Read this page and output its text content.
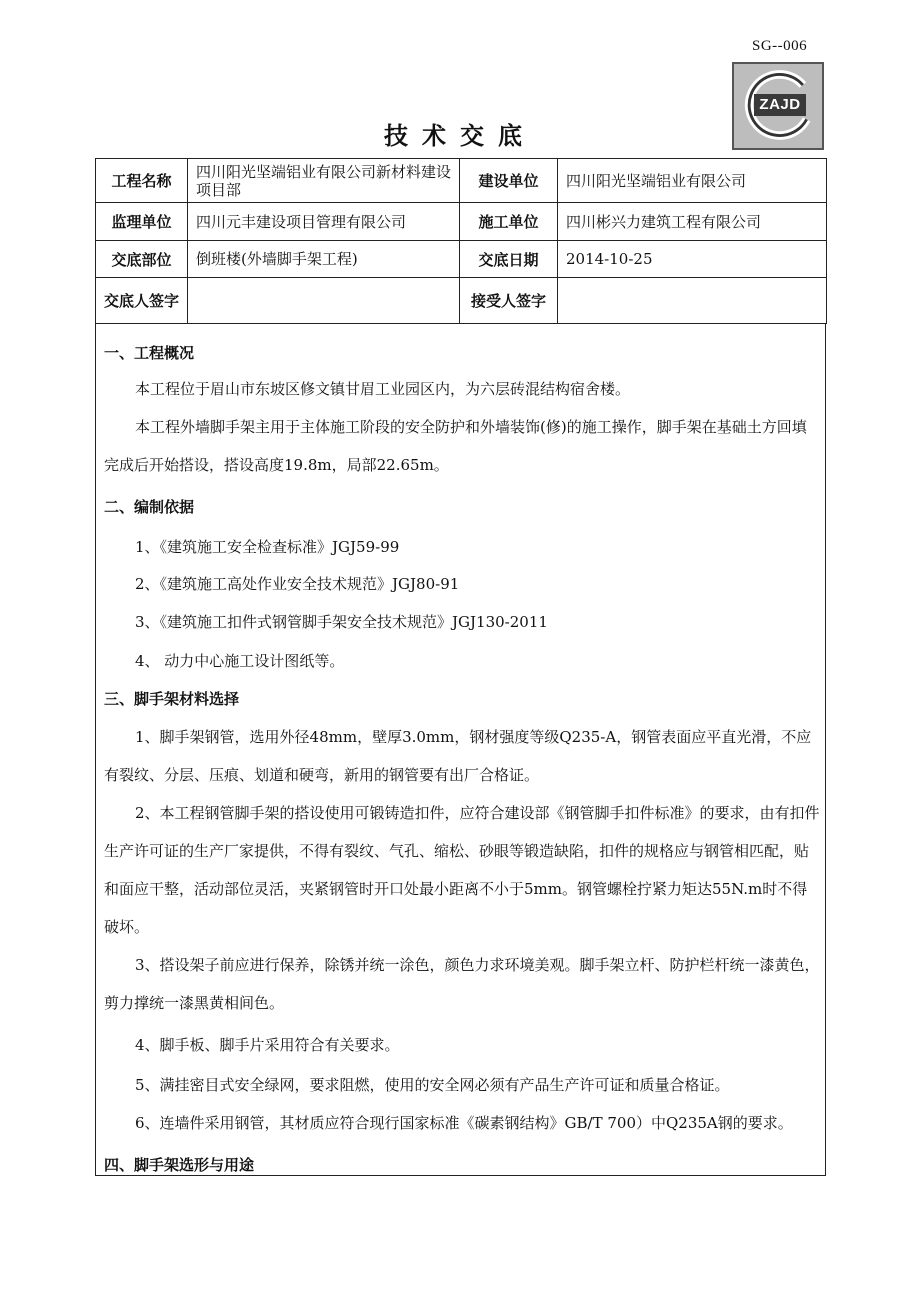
SG--006
ZAJD
技术交底
工程名称	四川阳光坚端铝业有限公司新材料建设项目部	建设单位	四川阳光坚端铝业有限公司
监理单位	四川元丰建设项目管理有限公司	施工单位	四川彬兴力建筑工程有限公司
交底部位	倒班楼(外墙脚手架工程)	交底日期	2014-10-25
交底人签字		接受人签字	
一、工程概况
本工程位于眉山市东坡区修文镇甘眉工业园区内，为六层砖混结构宿舍楼。
本工程外墙脚手架主用于主体施工阶段的安全防护和外墙装饰(修)的施工操作，脚手架在基础土方回填完成后开始搭设，搭设高度19.8m，局部22.65m。
二、编制依据
1、《建筑施工安全检查标准》JGJ59-99
2、《建筑施工高处作业安全技术规范》JGJ80-91
3、《建筑施工扣件式钢管脚手架安全技术规范》JGJ130-2011
4、 动力中心施工设计图纸等。
三、脚手架材料选择
1、脚手架钢管，选用外径48mm，壁厚3.0mm，钢材强度等级Q235-A，钢管表面应平直光滑，不应有裂纹、分层、压痕、划道和硬弯，新用的钢管要有出厂合格证。
2、本工程钢管脚手架的搭设使用可锻铸造扣件，应符合建设部《钢管脚手扣件标准》的要求，由有扣件生产许可证的生产厂家提供，不得有裂纹、气孔、缩松、砂眼等锻造缺陷，扣件的规格应与钢管相匹配，贴和面应干整，活动部位灵活，夹紧钢管时开口处最小距离不小于5mm。钢管螺栓拧紧力矩达55N.m时不得破坏。
3、搭设架子前应进行保养，除锈并统一涂色，颜色力求环境美观。脚手架立杆、防护栏杆统一漆黄色，剪力撑统一漆黑黄相间色。
4、脚手板、脚手片采用符合有关要求。
5、满挂密目式安全绿网，要求阻燃，使用的安全网必须有产品生产许可证和质量合格证。
6、连墙件采用钢管，其材质应符合现行国家标准《碳素钢结构》GB/T 700）中Q235A钢的要求。
四、脚手架选形与用途
